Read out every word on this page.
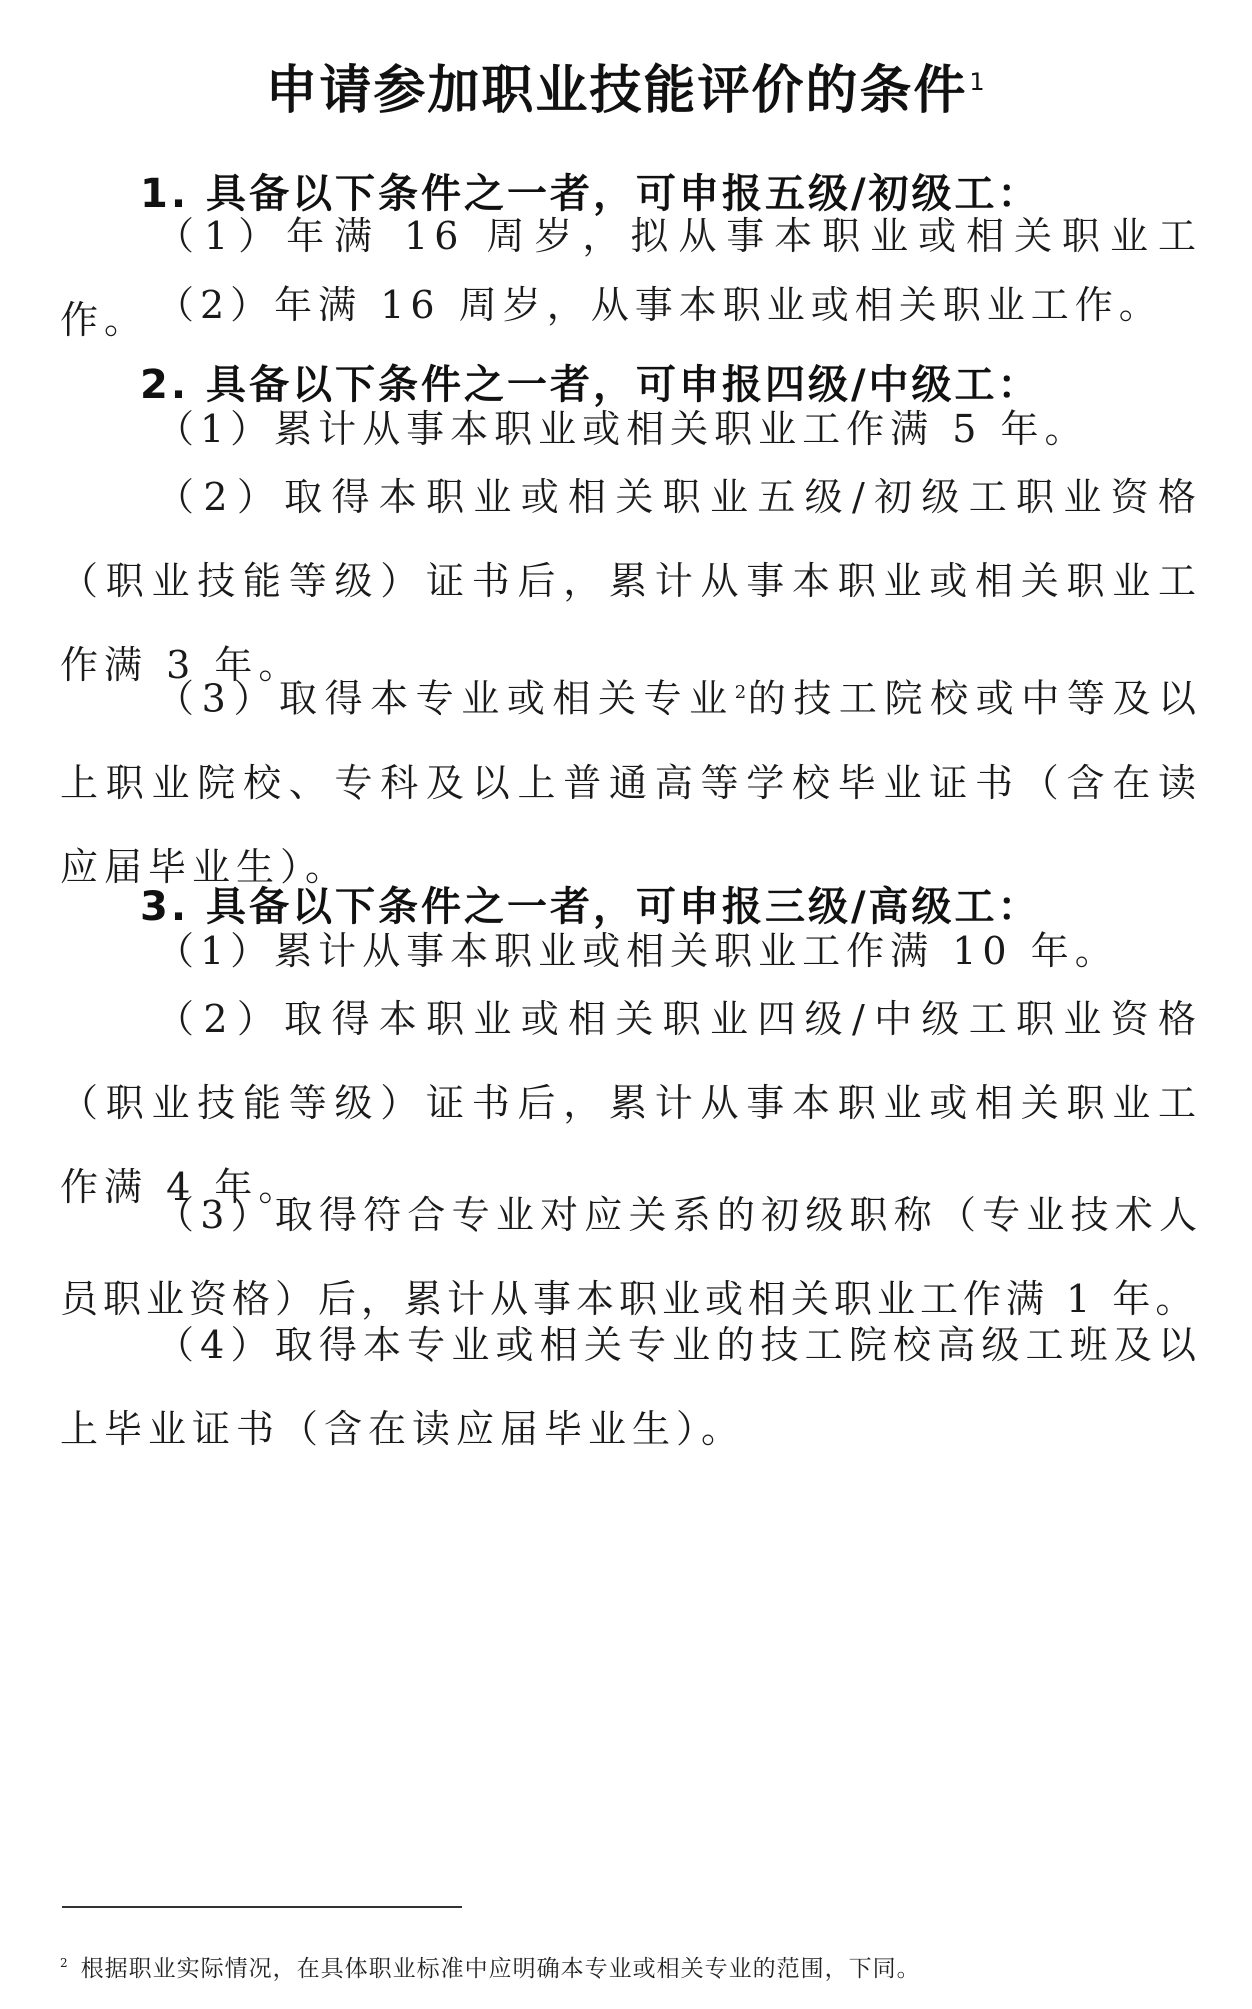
申请参加职业技能评价的条件$^1$
1. 具备以下条件之一者，可申报五级/初级工：
（1）年满 16 周岁，拟从事本职业或相关职业工作。 （2）年满 16 周岁，从事本职业或相关职业工作。
2. 具备以下条件之一者，可申报四级/中级工：
（1）累计从事本职业或相关职业工作满 5 年。
（2）取得本职业或相关职业五级/初级工职业资格（职业技能等级）证书后，累计从事本职业或相关职业工作满 3 年。
（3）取得本专业或相关专业$^2$的技工院校或中等及以上职业院校、专科及以上普通高等学校毕业证书（含在读应届毕业生）。
3. 具备以下条件之一者，可申报三级/高级工：
（1）累计从事本职业或相关职业工作满 10 年。
（2）取得本职业或相关职业四级/中级工职业资格（职业技能等级）证书后，累计从事本职业或相关职业工作满 4 年。
（3）取得符合专业对应关系的初级职称（专业技术人员职业资格）后，累计从事本职业或相关职业工作满 1 年。
（4）取得本专业或相关专业的技工院校高级工班及以上毕业证书（含在读应届毕业生）。
$^2$ 根据职业实际情况，在具体职业标准中应明确本专业或相关专业的范围，下同。
